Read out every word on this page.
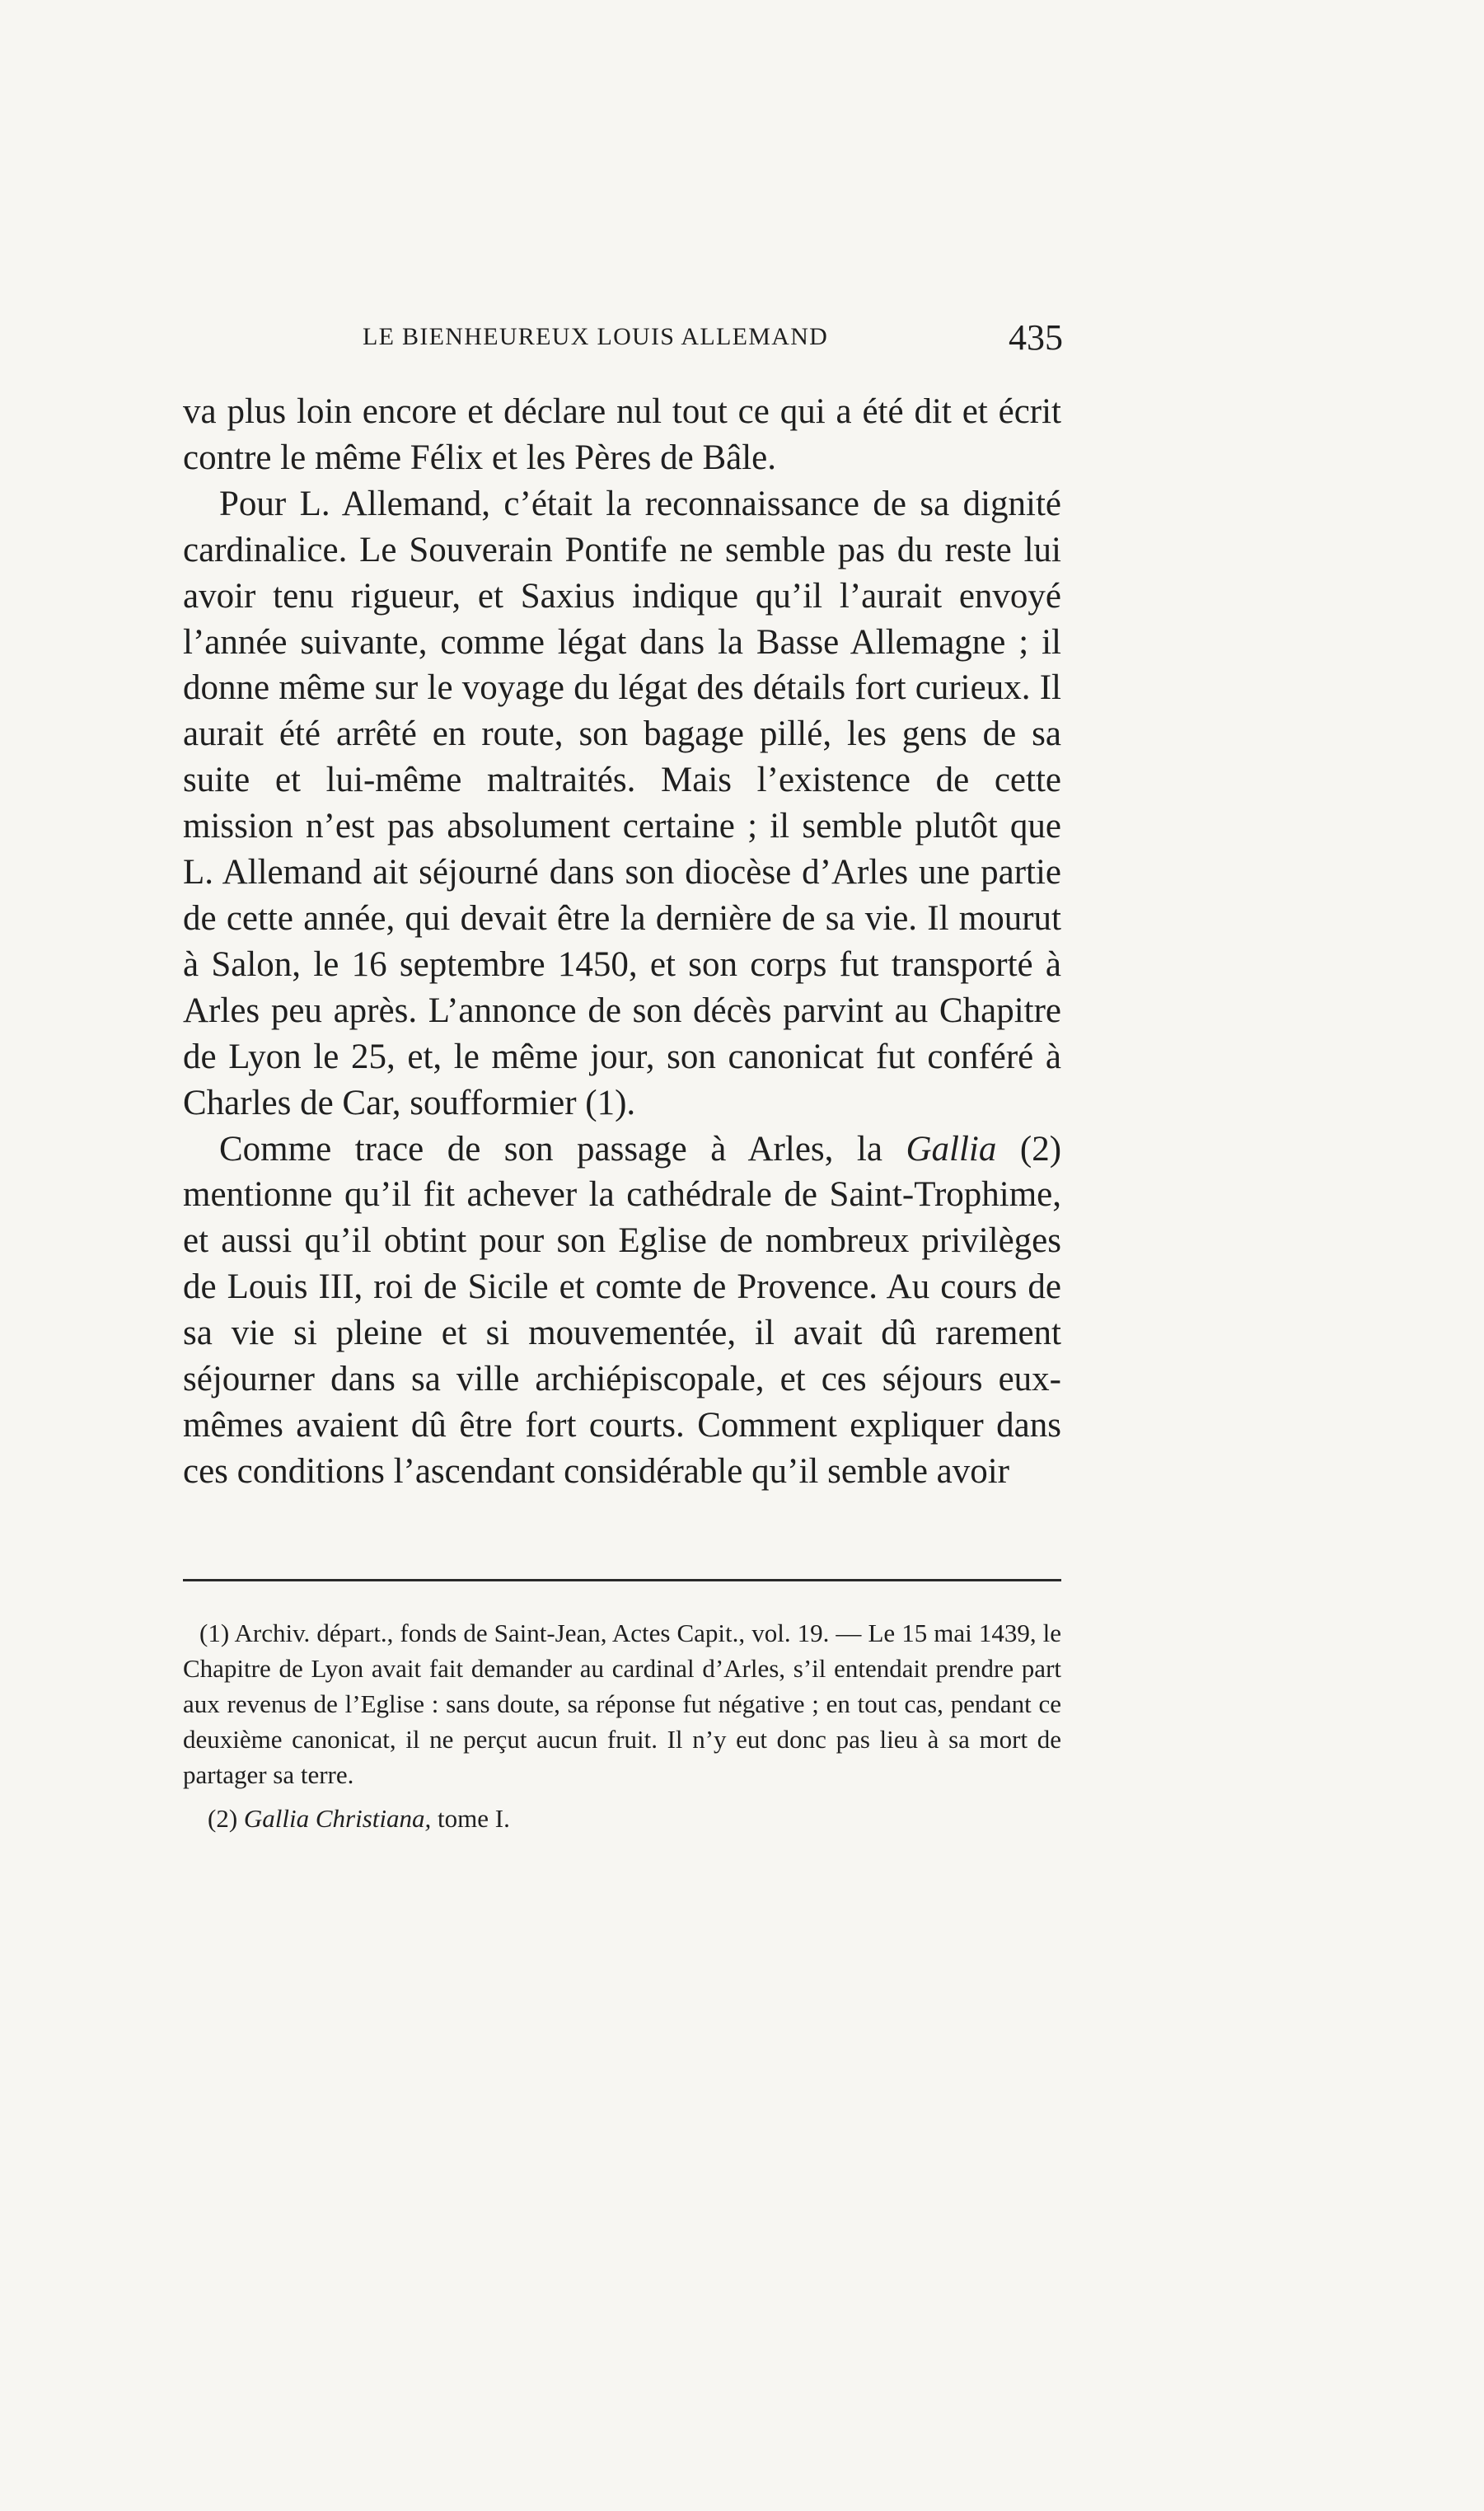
LE BIENHEUREUX LOUIS ALLEMAND	435

va plus loin encore et déclare nul tout ce qui a été dit et écrit contre le même Félix et les Pères de Bâle.

Pour L. Allemand, c’était la reconnaissance de sa dignité cardinalice. Le Souverain Pontife ne semble pas du reste lui avoir tenu rigueur, et Saxius indique qu’il l’aurait envoyé l’année suivante, comme légat dans la Basse Allemagne ; il donne même sur le voyage du légat des détails fort curieux. Il aurait été arrêté en route, son bagage pillé, les gens de sa suite et lui-même maltraités. Mais l’existence de cette mission n’est pas absolument certaine ; il semble plutôt que L. Allemand ait séjourné dans son diocèse d’Arles une partie de cette année, qui devait être la dernière de sa vie. Il mourut à Salon, le 16 septembre 1450, et son corps fut transporté à Arles peu après. L’annonce de son décès parvint au Chapitre de Lyon le 25, et, le même jour, son canonicat fut conféré à Charles de Car, soufformier (1).

Comme trace de son passage à Arles, la Gallia (2) mentionne qu’il fit achever la cathédrale de Saint-Trophime, et aussi qu’il obtint pour son Eglise de nombreux privilèges de Louis III, roi de Sicile et comte de Provence. Au cours de sa vie si pleine et si mouvementée, il avait dû rarement séjourner dans sa ville archiépiscopale, et ces séjours eux-mêmes avaient dû être fort courts. Comment expliquer dans ces conditions l’ascendant considérable qu’il semble avoir

(1) Archiv. départ., fonds de Saint-Jean, Actes Capit., vol. 19. — Le 15 mai 1439, le Chapitre de Lyon avait fait demander au cardinal d’Arles, s’il entendait prendre part aux revenus de l’Eglise : sans doute, sa réponse fut négative ; en tout cas, pendant ce deuxième canonicat, il ne perçut aucun fruit. Il n’y eut donc pas lieu à sa mort de partager sa terre.

(2) Gallia Christiana, tome I.
